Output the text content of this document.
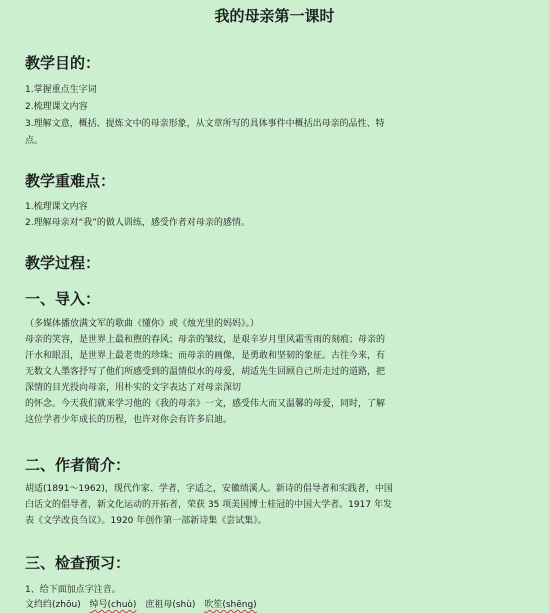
我的母亲第一课时
教学目的：
1.掌握重点生字词
2.梳理课文内容
3.理解文意，概括、提炼文中的母亲形象，从文章所写的具体事件中概括出母亲的品性、特
点。
教学重难点：
1.梳理课文内容
2.理解母亲对“我”的做人训练，感受作者对母亲的感情。
教学过程：
一、导入：
（多媒体播放满文军的歌曲《懂你》或《烛光里的妈妈》。）

母亲的笑容，是世界上最和煦的春风；母亲的皱纹，是艰辛岁月里风霜雪雨的刻痕；母亲的

汗水和眼泪，是世界上最老贵的珍珠；而母亲的画像，是勇敢和坚韧的象征。古往今来，有

无数文人墨客抒写了他们所感受到的温情似水的母爱，胡适先生回顾自己所走过的道路，把

深情的目光投向母亲，用朴实的文字表达了对母亲深切

的怀念。今天我们就来学习他的《我的母亲》一文，感受伟大而又温馨的母爱，同时，了解

这位学者少年成长的历程，也许对你会有许多启迪。

二、作者简介：

胡适(1891～1962)，现代作家、学者，字适之，安徽绩溪人。新诗的倡导者和实践者，中国

白话文的倡导者，新文化运动的开拓者，荣获 35 项美国博士桂冠的中国大学者。1917 年发

表《文学改良刍议》。1920 年创作第一部新诗集《尝试集》。

三、检查预习：
1、给下面加点字注音。
文绉绉(zhōu) 绰号(chuò) 庶祖母(shù) 吹笙(shēng)
